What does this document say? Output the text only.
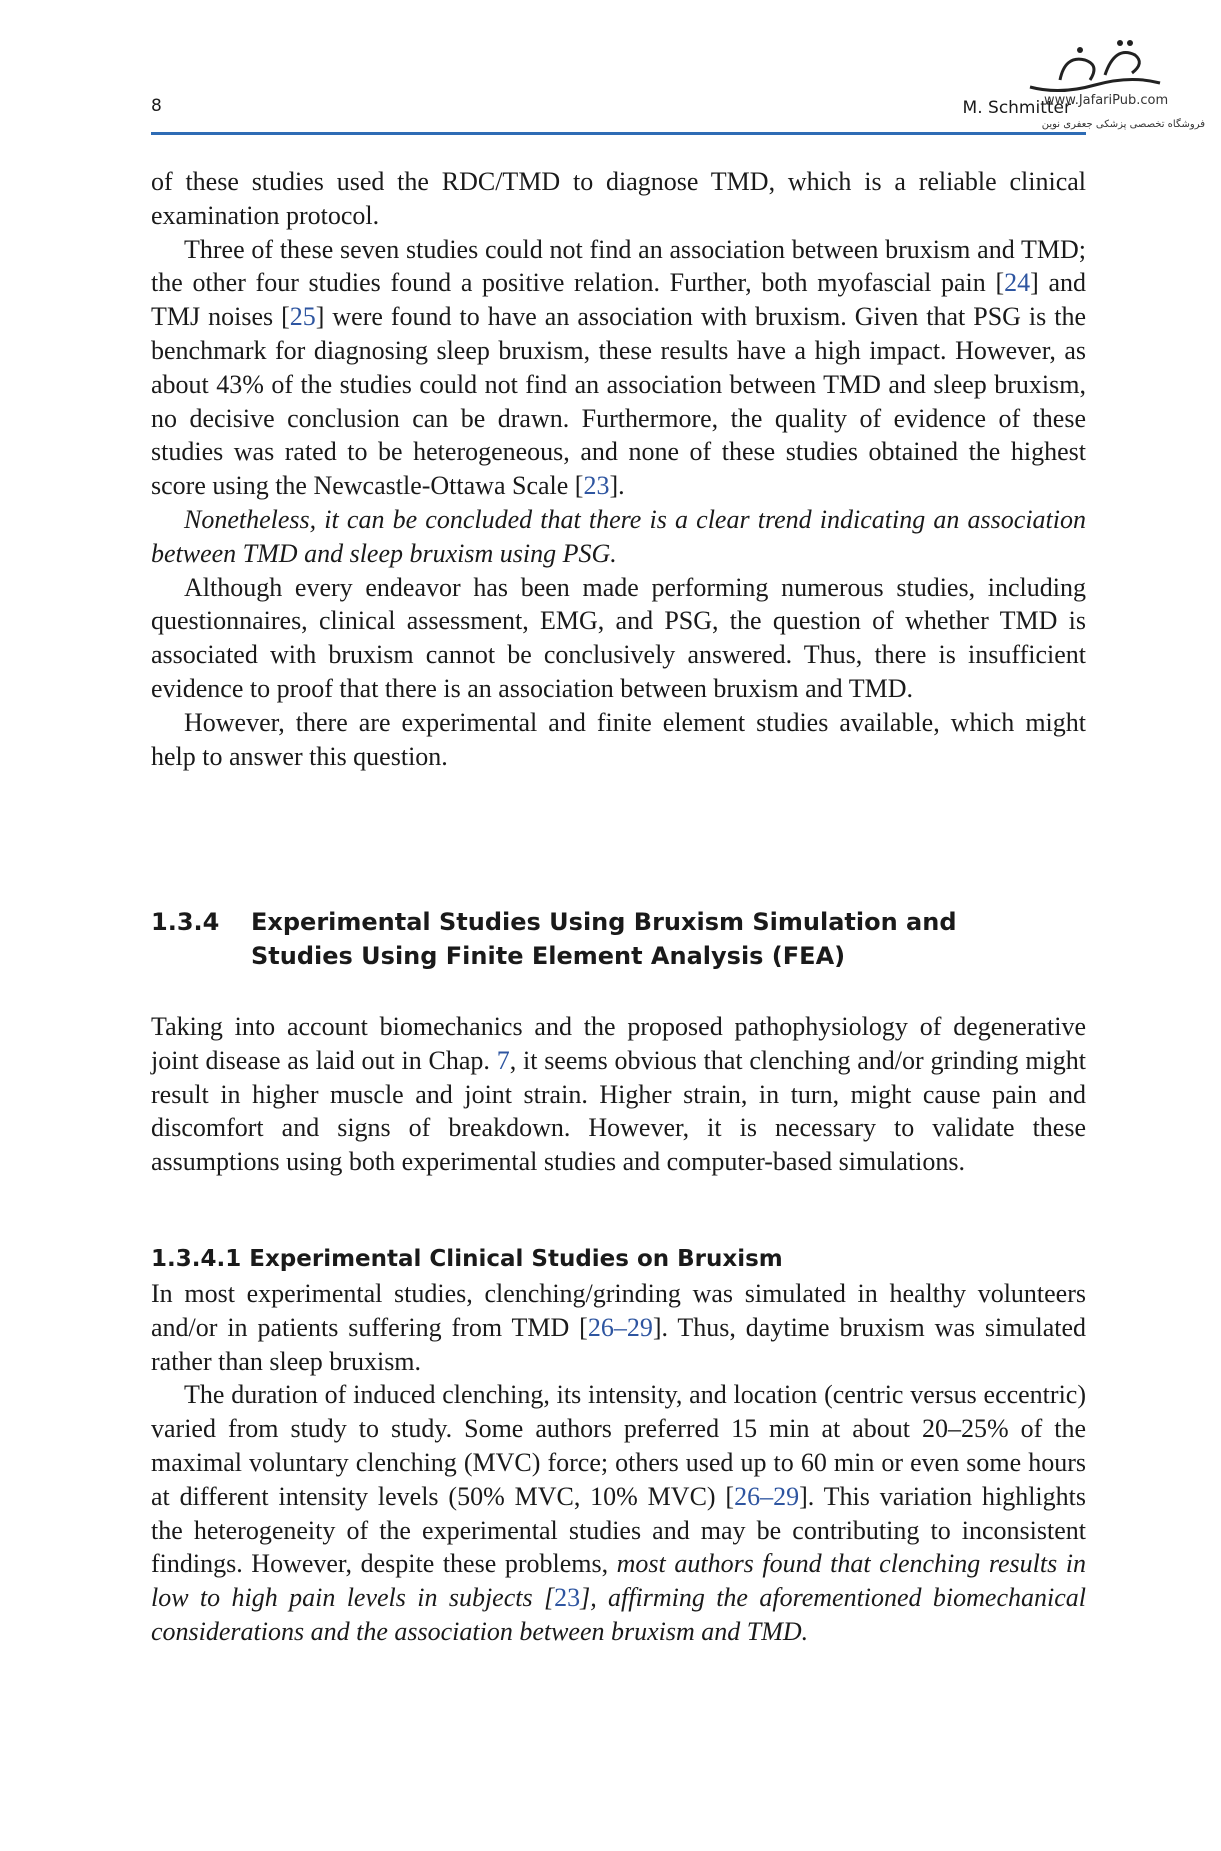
8	M. Schmitter
www.JafariPub.com
فروشگاه تخصصی پزشکی جعفری نوین

of these studies used the RDC/TMD to diagnose TMD, which is a reliable clinical examination protocol.

Three of these seven studies could not find an association between bruxism and TMD; the other four studies found a positive relation. Further, both myofascial pain [24] and TMJ noises [25] were found to have an association with bruxism. Given that PSG is the benchmark for diagnosing sleep bruxism, these results have a high impact. However, as about 43% of the studies could not find an association between TMD and sleep bruxism, no decisive conclusion can be drawn. Furthermore, the quality of evidence of these studies was rated to be heterogeneous, and none of these studies obtained the highest score using the Newcastle-Ottawa Scale [23].

Nonetheless, it can be concluded that there is a clear trend indicating an association between TMD and sleep bruxism using PSG.

Although every endeavor has been made performing numerous studies, including questionnaires, clinical assessment, EMG, and PSG, the question of whether TMD is associated with bruxism cannot be conclusively answered. Thus, there is insufficient evidence to proof that there is an association between bruxism and TMD.

However, there are experimental and finite element studies available, which might help to answer this question.

1.3.4 Experimental Studies Using Bruxism Simulation and Studies Using Finite Element Analysis (FEA)

Taking into account biomechanics and the proposed pathophysiology of degenerative joint disease as laid out in Chap. 7, it seems obvious that clenching and/or grinding might result in higher muscle and joint strain. Higher strain, in turn, might cause pain and discomfort and signs of breakdown. However, it is necessary to validate these assumptions using both experimental studies and computer-based simulations.

1.3.4.1 Experimental Clinical Studies on Bruxism

In most experimental studies, clenching/grinding was simulated in healthy volunteers and/or in patients suffering from TMD [26–29]. Thus, daytime bruxism was simulated rather than sleep bruxism.

The duration of induced clenching, its intensity, and location (centric versus eccentric) varied from study to study. Some authors preferred 15 min at about 20–25% of the maximal voluntary clenching (MVC) force; others used up to 60 min or even some hours at different intensity levels (50% MVC, 10% MVC) [26–29]. This variation highlights the heterogeneity of the experimental studies and may be contributing to inconsistent findings. However, despite these problems, most authors found that clenching results in low to high pain levels in subjects [23], affirming the aforementioned biomechanical considerations and the association between bruxism and TMD.
